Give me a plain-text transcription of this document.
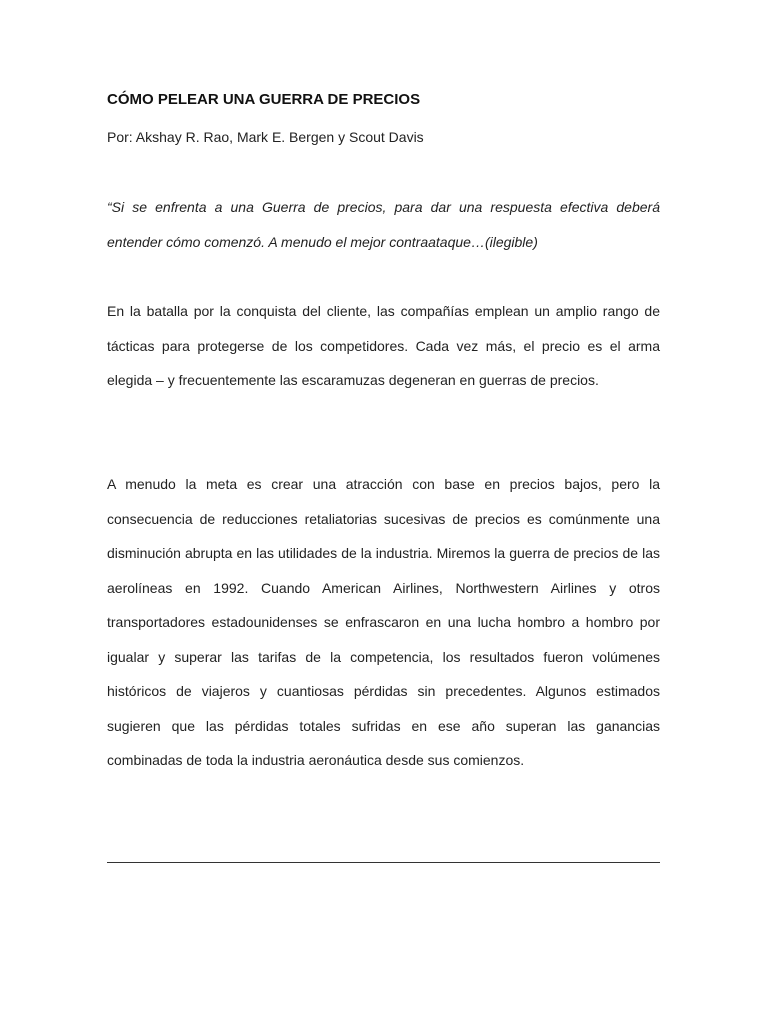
CÓMO PELEAR UNA GUERRA DE PRECIOS
Por: Akshay R. Rao, Mark E. Bergen y Scout Davis

“Si se enfrenta a una Guerra de precios, para dar una respuesta efectiva deberá entender cómo comenzó. A menudo el mejor contraataque…(ilegible)

En la batalla por la conquista del cliente, las compañías emplean un amplio rango de tácticas para protegerse de los competidores. Cada vez más, el precio es el arma elegida – y frecuentemente las escaramuzas degeneran en guerras de precios.

A menudo la meta es crear una atracción con base en precios bajos, pero la consecuencia de reducciones retaliatorias sucesivas de precios es comúnmente una disminución abrupta en las utilidades de la industria. Miremos la guerra de precios de las aerolíneas en 1992. Cuando American Airlines, Northwestern Airlines y otros transportadores estadounidenses se enfrascaron en una lucha hombro a hombro por igualar y superar las tarifas de la competencia, los resultados fueron volúmenes históricos de viajeros y cuantiosas pérdidas sin precedentes. Algunos estimados sugieren que las pérdidas totales sufridas en ese año superan las ganancias combinadas de toda la industria aeronáutica desde sus comienzos.
